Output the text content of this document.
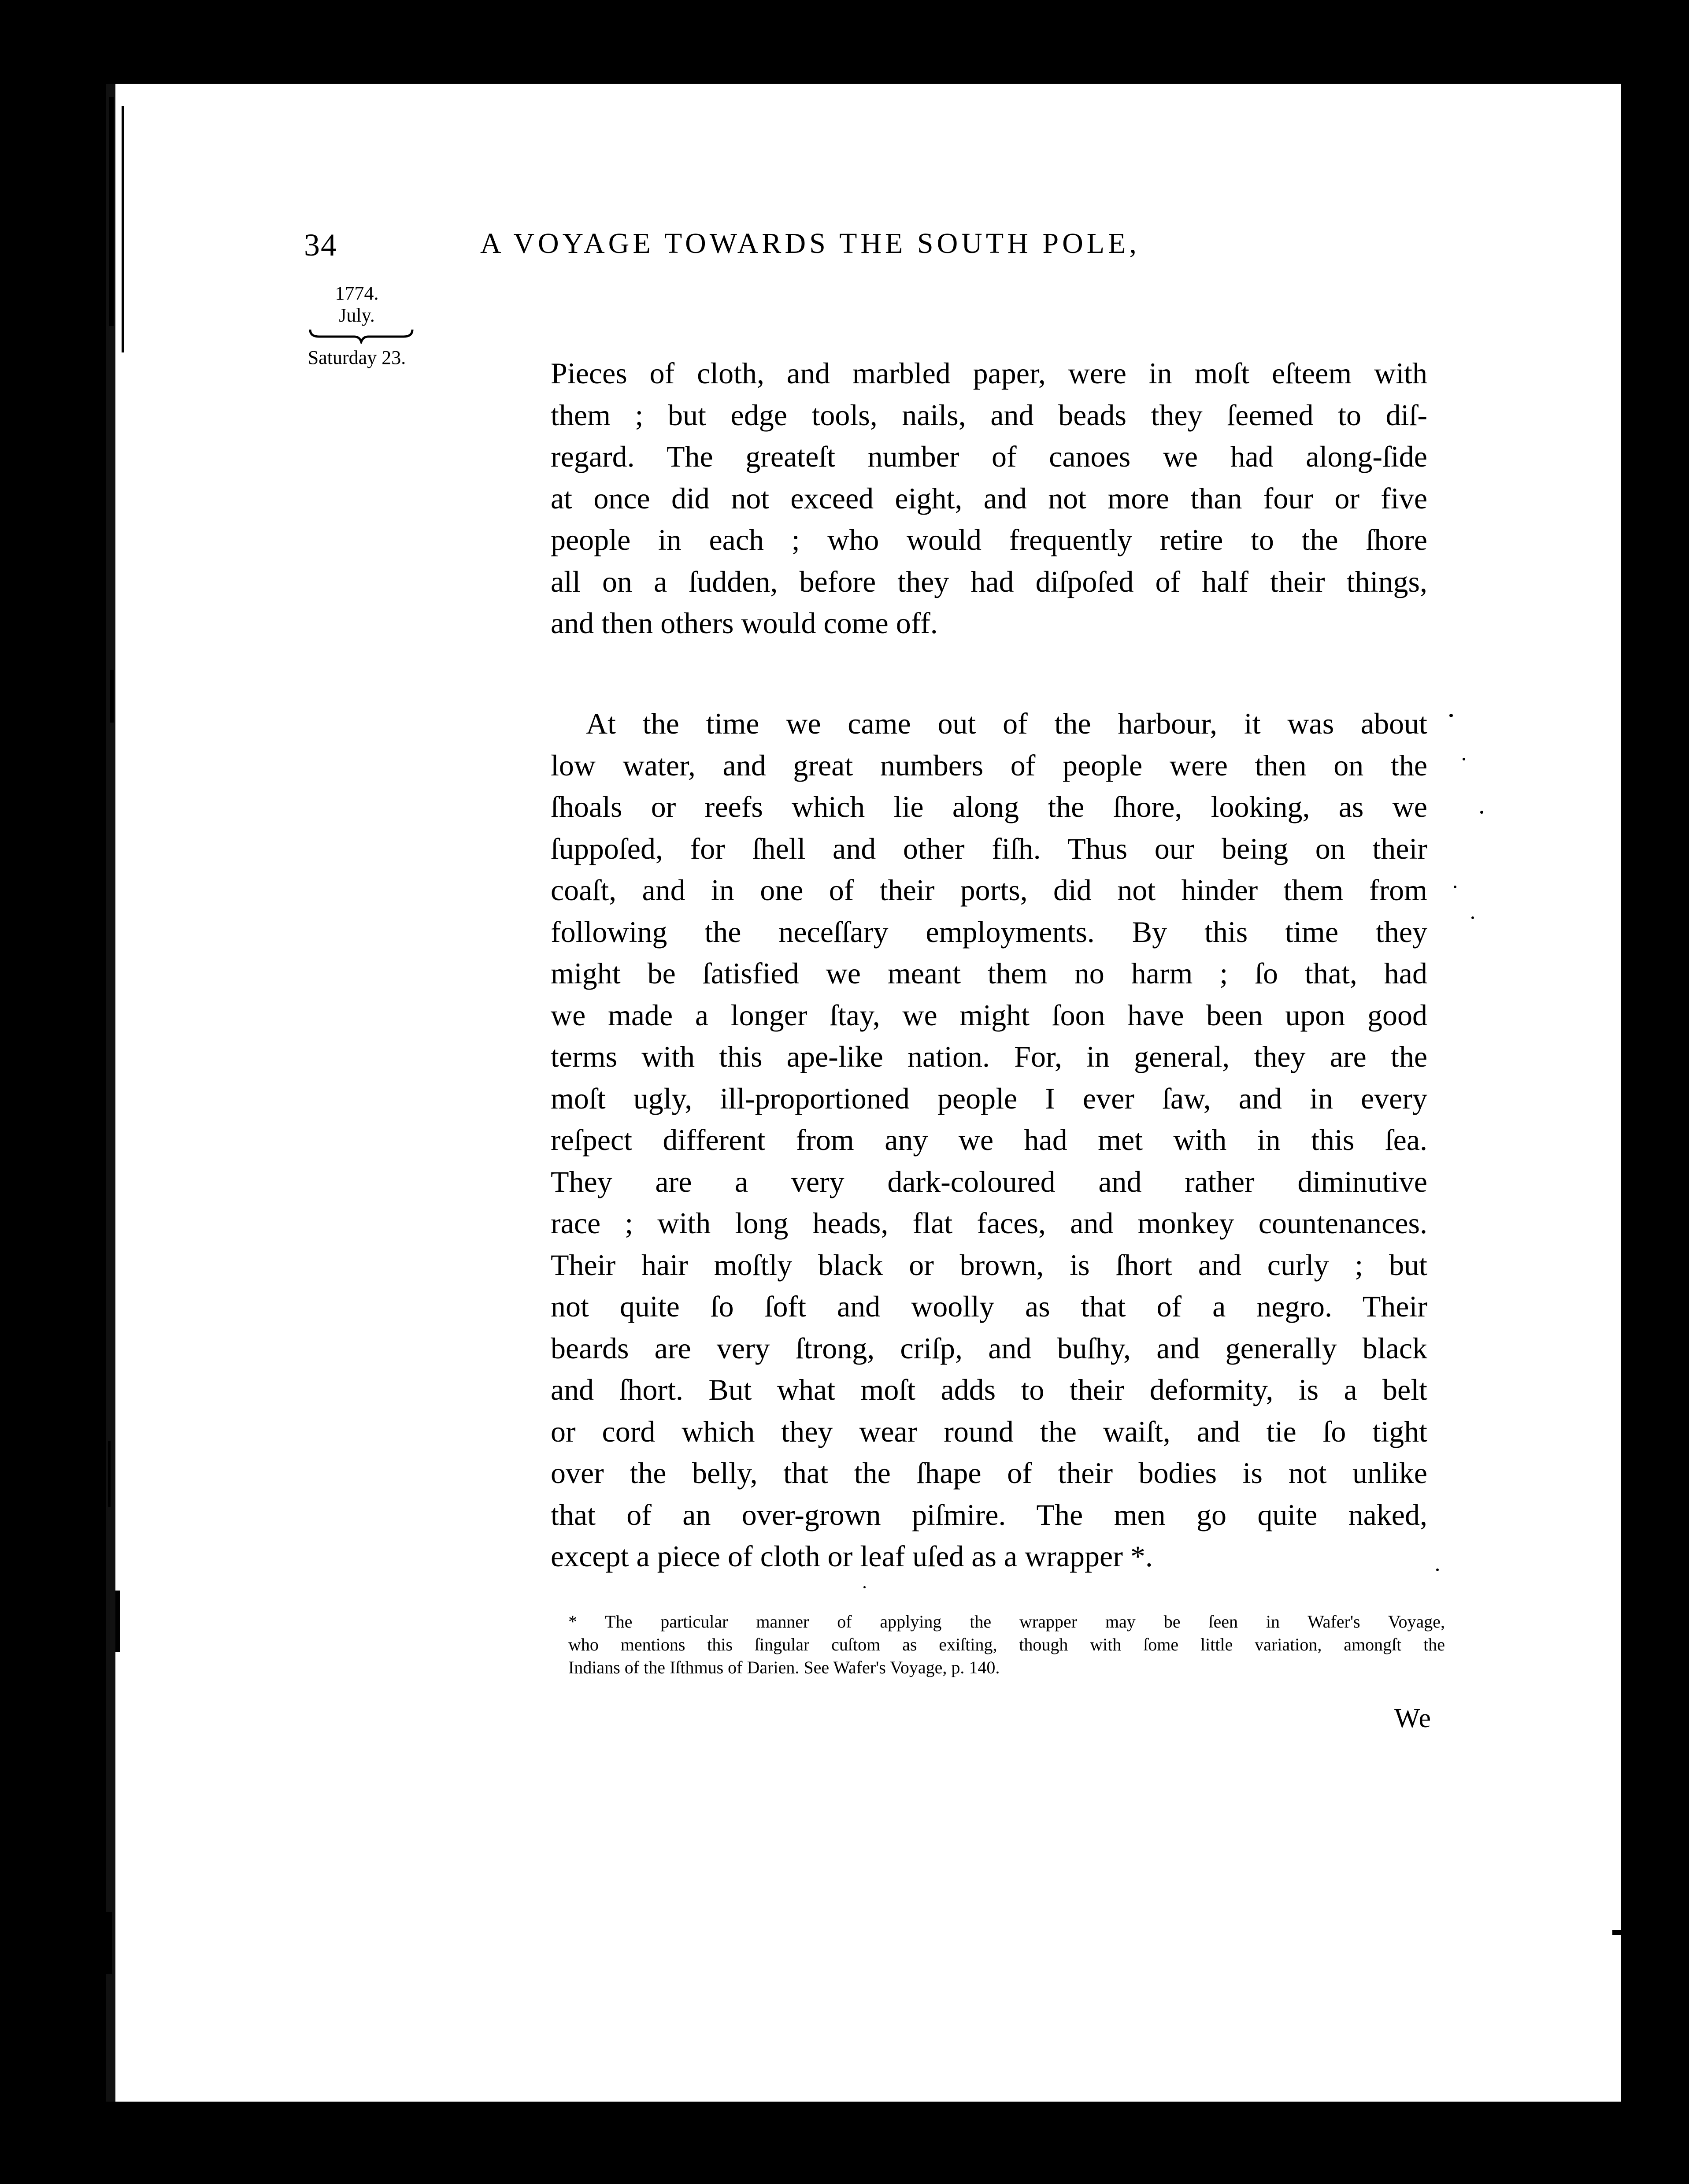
34	A VOYAGE TOWARDS THE SOUTH POLE,
1774.
July.
Saturday 23.	Pieces of cloth, and marbled paper, were in moſt eſteem with
them ; but edge tools, nails, and beads they ſeemed to diſ-
regard. The greateſt number of canoes we had along-ſide
at once did not exceed eight, and not more than four or five
people in each ; who would frequently retire to the ſhore
all on a ſudden, before they had diſpoſed of half their things,
and then others would come off.
At the time we came out of the harbour, it was about
low water, and great numbers of people were then on the
ſhoals or reefs which lie along the ſhore, looking, as we
ſuppoſed, for ſhell and other fiſh. Thus our being on their
coaſt, and in one of their ports, did not hinder them from
following the neceſſary employments. By this time they
might be ſatisfied we meant them no harm ; ſo that, had
we made a longer ſtay, we might ſoon have been upon good
terms with this ape-like nation. For, in general, they are the
moſt ugly, ill-proportioned people I ever ſaw, and in every
reſpect different from any we had met with in this ſea.
They are a very dark-coloured and rather diminutive
race ; with long heads, flat faces, and monkey countenances.
Their hair moſtly black or brown, is ſhort and curly ; but
not quite ſo ſoft and woolly as that of a negro. Their
beards are very ſtrong, criſp, and buſhy, and generally black
and ſhort. But what moſt adds to their deformity, is a belt
or cord which they wear round the waiſt, and tie ſo tight
over the belly, that the ſhape of their bodies is not unlike
that of an over-grown piſmire. The men go quite naked,
except a piece of cloth or leaf uſed as a wrapper *.
* The particular manner of applying the wrapper may be ſeen in Wafer's Voyage,
who mentions this ſingular cuſtom as exiſting, though with ſome little variation, amongſt the
Indians of the Iſthmus of Darien. See Wafer's Voyage, p. 140.
We
